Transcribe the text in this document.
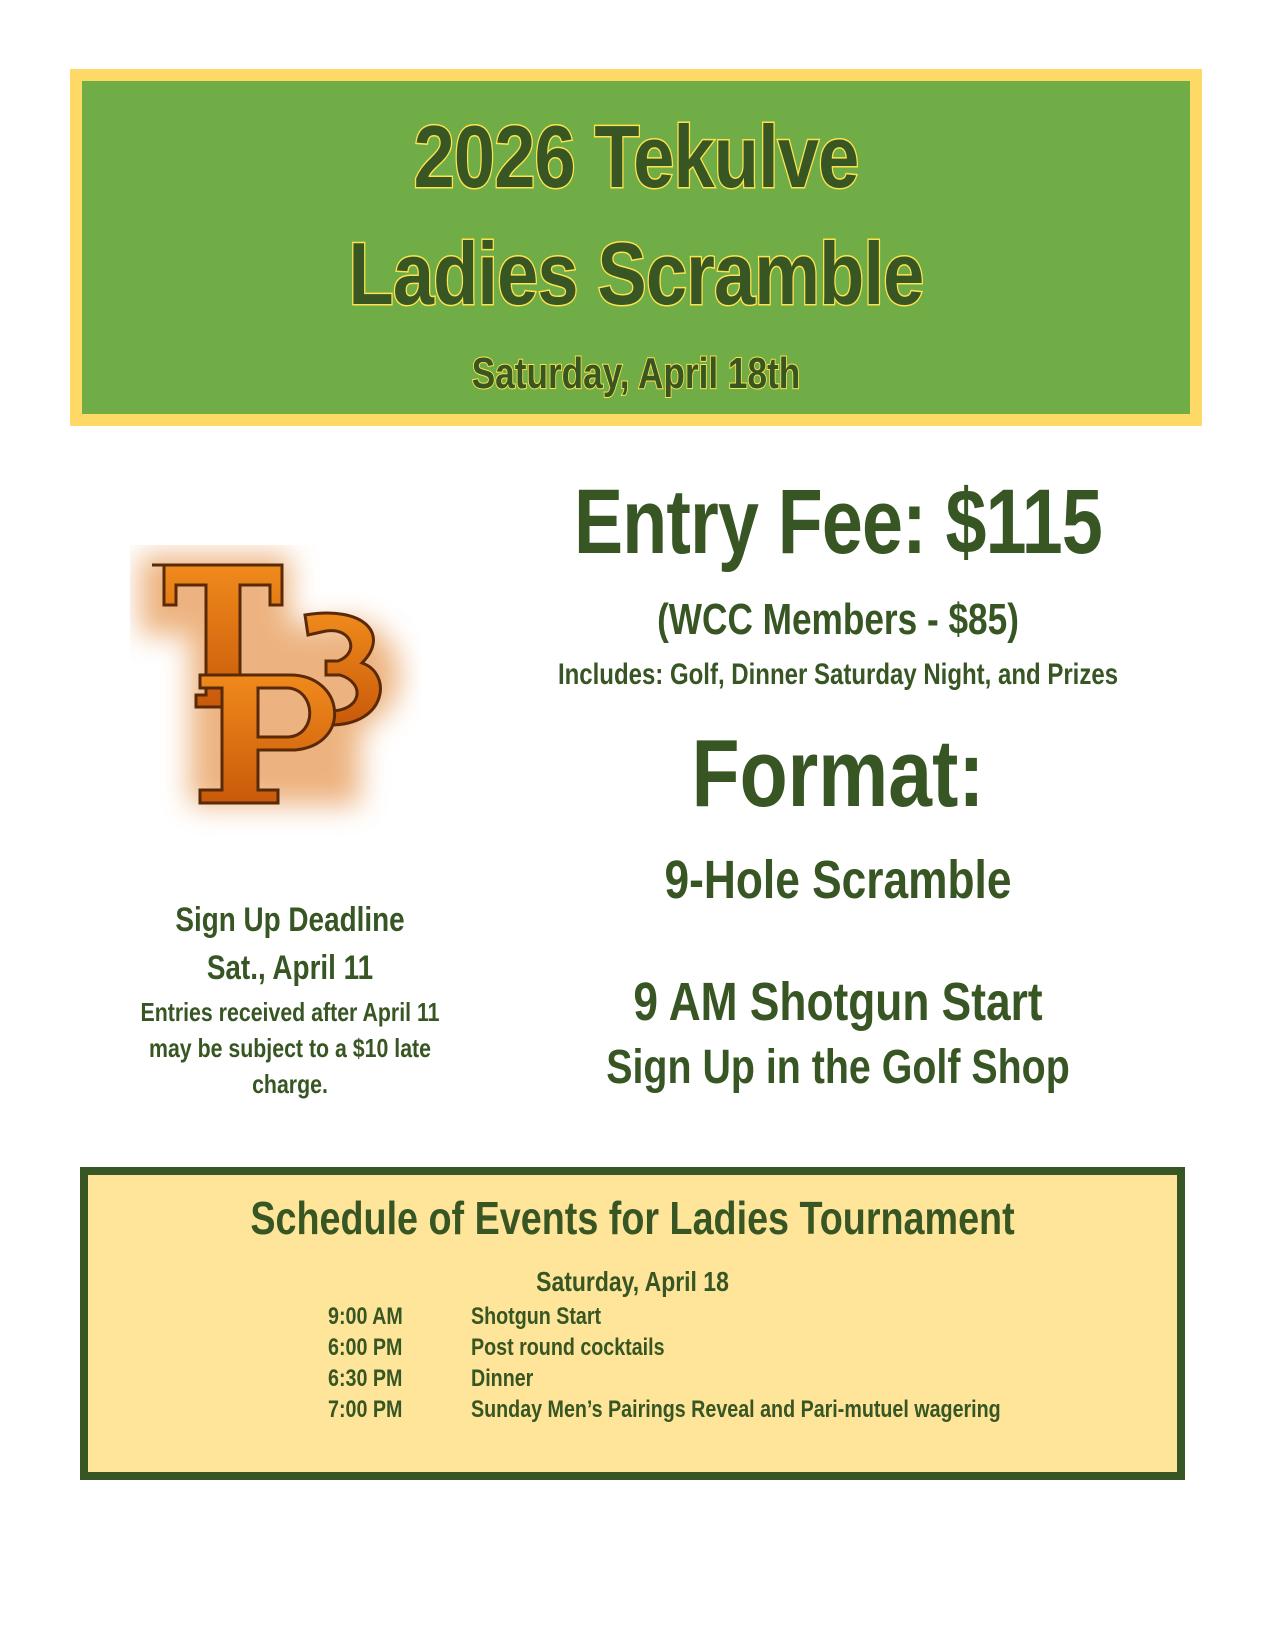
2026 Tekulve
Ladies Scramble
Saturday, April 18th
Entry Fee: $115
(WCC Members - $85)
Includes: Golf, Dinner Saturday Night, and Prizes
Format:
9-Hole Scramble
9 AM Shotgun Start
Sign Up in the Golf Shop
Sign Up Deadline
Sat., April 11
Entries received after April 11 may be subject to a $10 late charge.
Schedule of Events for Ladies Tournament
Saturday, April 18
9:00 AM	Shotgun Start
6:00 PM	Post round cocktails
6:30 PM	Dinner
7:00 PM	Sunday Men’s Pairings Reveal and Pari-mutuel wagering
